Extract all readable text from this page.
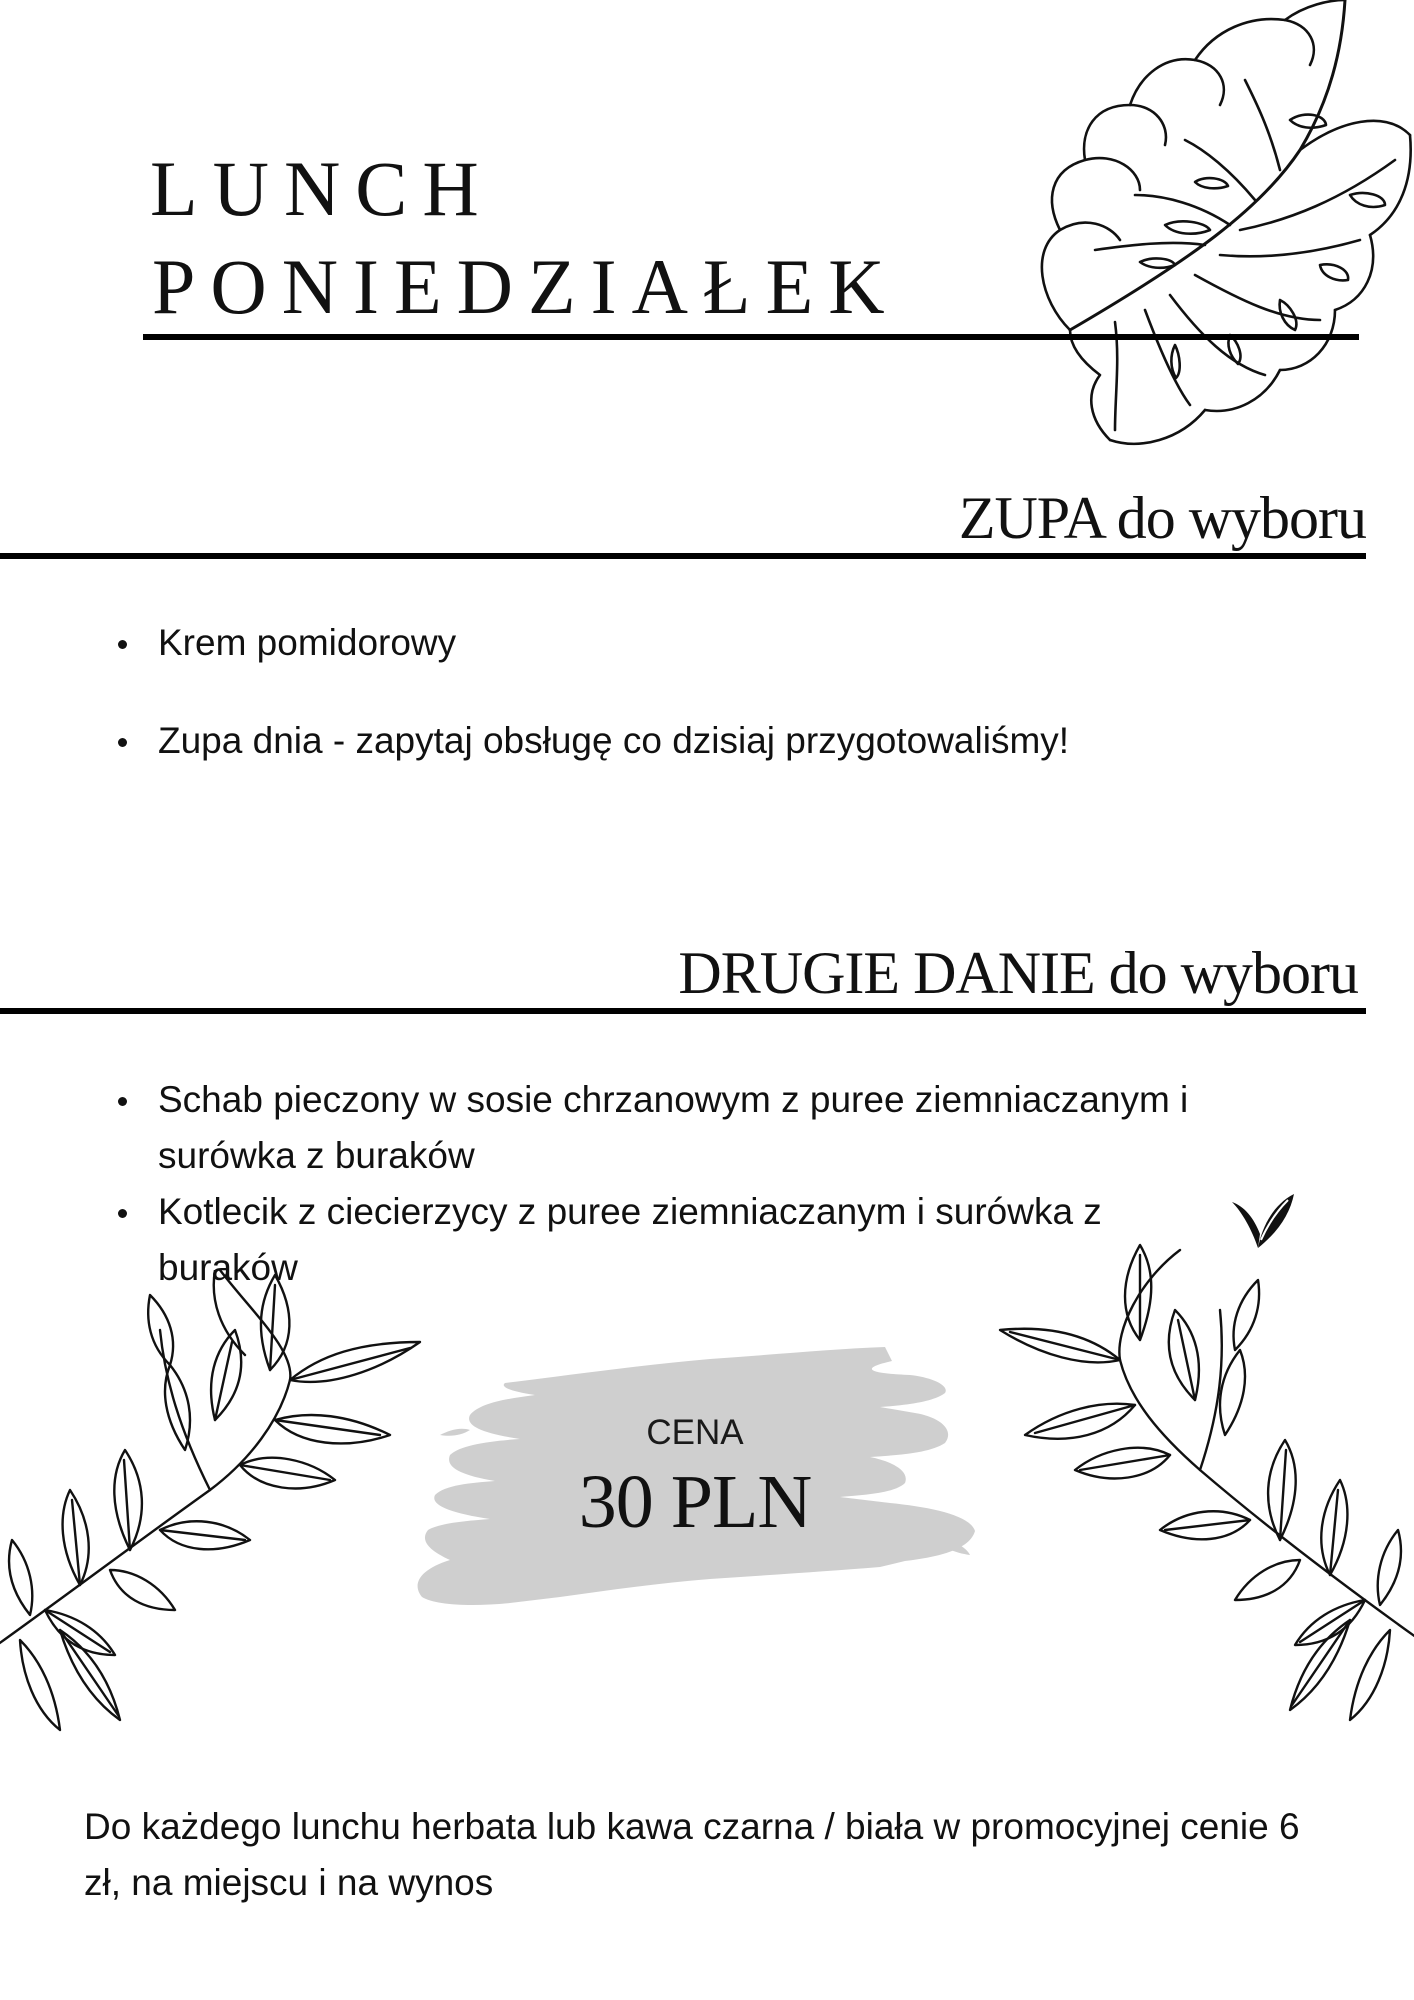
LUNCH
PONIEDZIAŁEK
ZUPA do wyboru
Krem pomidorowy
Zupa dnia - zapytaj obsługę co dzisiaj przygotowaliśmy!
DRUGIE DANIE do wyboru
Schab pieczony w sosie chrzanowym z puree ziemniaczanym i surówka z buraków
Kotlecik z ciecierzycy z puree ziemniaczanym i surówka z buraków
CENA
30 PLN
Do każdego lunchu herbata lub kawa czarna / biała w promocyjnej cenie 6 zł, na miejscu i na wynos
